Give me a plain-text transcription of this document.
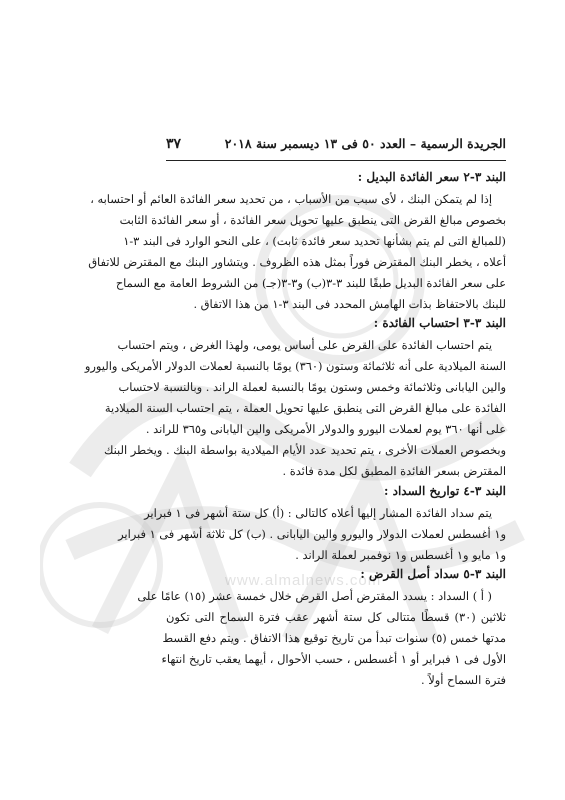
www.almalnews.com
الجريدة الرسمية – العدد ٥٠ فى ١٣ ديسمبر سنة ٢٠١٨
٣٧
البند ٣-٢ سعر الفائدة البديل :
إذا لم يتمكن البنك ، لأى سبب من الأسباب ، من تحديد سعر الفائدة العائم أو احتسابه ،
بخصوص مبالغ القرض التى ينطبق عليها تحويل سعر الفائدة ، أو سعر الفائدة الثابت
(للمبالغ التى لم يتم بشأنها تحديد سعر فائدة ثابت) ، على النحو الوارد فى البند ٣-١
أعلاه ، يخطر البنك المقترض فوراً بمثل هذه الظروف . ويتشاور البنك مع المقترض للاتفاق
على سعر الفائدة البديل طبقًا للبند ٣-٣(ب) و٣-٣(جـ) من الشروط العامة مع السماح
للبنك بالاحتفاظ بذات الهامش المحدد فى البند ٣-١ من هذا الاتفاق .
البند ٣-٣ احتساب الفائدة :
يتم احتساب الفائدة على القرض على أساس يومى، ولهذا الغرض ، ويتم احتساب
السنة الميلادية على أنه ثلاثمائة وستون (٣٦٠) يومًا بالنسبة لعملات الدولار الأمريكى واليورو
والين اليابانى وثلاثمائة وخمس وستون يومًا بالنسبة لعملة الراند . وبالنسبة لاحتساب
الفائدة على مبالغ القرض التى ينطبق عليها تحويل العملة ، يتم احتساب السنة الميلادية
على أنها ٣٦٠ يوم لعملات اليورو والدولار الأمريكى والين اليابانى و٣٦٥ للراند .
وبخصوص العملات الأخرى ، يتم تحديد عدد الأيام الميلادية بواسطة البنك . ويخطر البنك
المقترض بسعر الفائدة المطبق لكل مدة فائدة .
البند ٣-٤ تواريخ السداد :
يتم سداد الفائدة المشار إليها أعلاه كالتالى : (أ) كل ستة أشهر فى ١ فبراير
و١ أغسطس لعملات الدولار واليورو والين اليابانى . (ب) كل ثلاثة أشهر فى ١ فبراير
و١ مايو و١ أغسطس و١ نوفمبر لعملة الراند .
البند ٣-٥ سداد أصل القرض :
( أ ) السداد : يسدد المقترض أصل القرض خلال خمسة عشر (١٥) عامًا على
ثلاثين (٣٠) قسطًا متتالى كل ستة أشهر عقب فترة السماح التى تكون
مدتها خمس (٥) سنوات تبدأ من تاريخ توقيع هذا الاتفاق . ويتم دفع القسط
الأول فى ١ فبراير أو ١ أغسطس ، حسب الأحوال ، أيهما يعقب تاريخ انتهاء
فترة السماح أولاً .
